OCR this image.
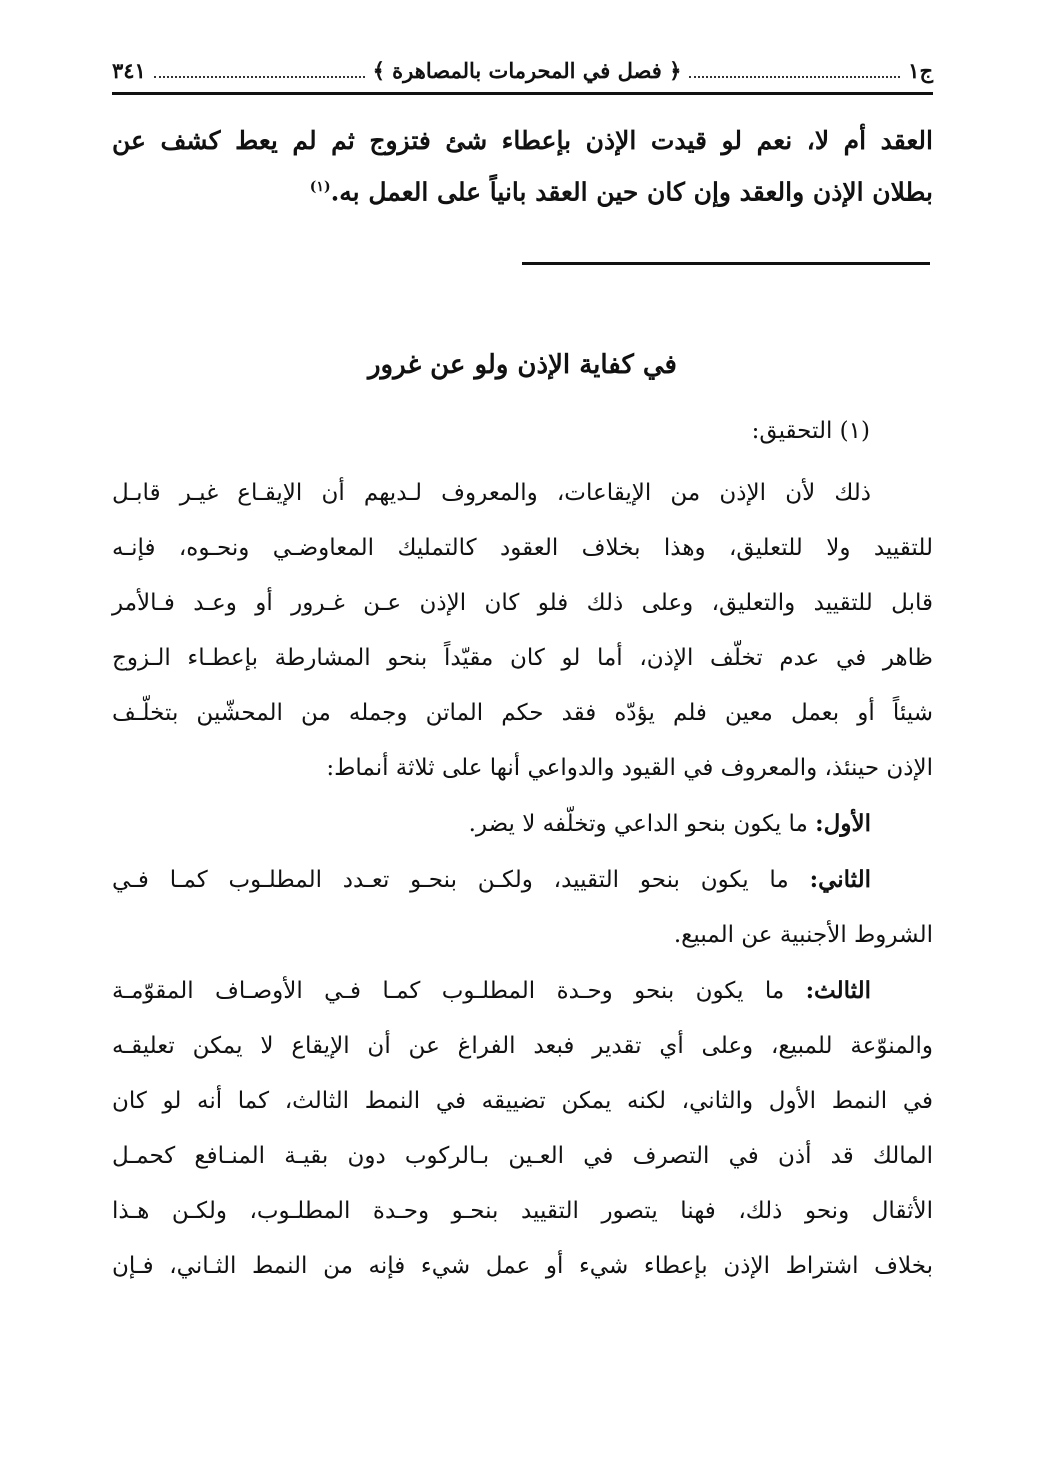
ج١
﴿ فصل في المحرمات بالمصاهرة ﴾
٣٤١
العقد أم لا، نعم لو قيدت الإذن بإعطاء شئ فتزوج ثم لم يعط كشف عن
بطلان الإذن والعقد وإن كان حين العقد بانياً على العمل به.$^{(١)}$
في كفاية الإذن ولو عن غرور
(١) التحقيق:
ذلك لأن الإذن من الإيقاعات، والمعروف لـديهم أن الإيقـاع غيـر قابـل
للتقييد ولا للتعليق، وهذا بخلاف العقود كالتمليك المعاوضـي ونحـوه، فإنـه
قابل للتقييد والتعليق، وعلى ذلك فلو كان الإذن عـن غـرور أو وعـد فـالأمر
ظاهر في عدم تخلّف الإذن، أما لو كان مقيّداً بنحو المشارطة بإعطـاء الـزوج
شيئاً أو بعمل معين فلم يؤدّه فقد حكم الماتن وجمله من المحشّين بتخلّـف
الإذن حينئذ، والمعروف في القيود والدواعي أنها على ثلاثة أنماط:
الأول: ما يكون بنحو الداعي وتخلّفه لا يضر.
الثاني: ما يكون بنحو التقييد، ولكـن بنحـو تعـدد المطلـوب كمـا فـي
الشروط الأجنبية عن المبيع.
الثالث: ما يكون بنحو وحـدة المطلـوب كمـا فـي الأوصـاف المقوّمـة
والمنوّعة للمبيع، وعلى أي تقدير فبعد الفراغ عن أن الإيقاع لا يمكن تعليقـه
في النمط الأول والثاني، لكنه يمكن تضييقه في النمط الثالث، كما أنه لو كان
المالك قد أذن في التصرف في العـين بـالركوب دون بقيـة المنـافع كحمـل
الأثقال ونحو ذلك، فهنا يتصور التقييد بنحـو وحـدة المطلـوب، ولكـن هـذا
بخلاف اشتراط الإذن بإعطاء شيء أو عمل شيء فإنه من النمط الثـاني، فـإن
